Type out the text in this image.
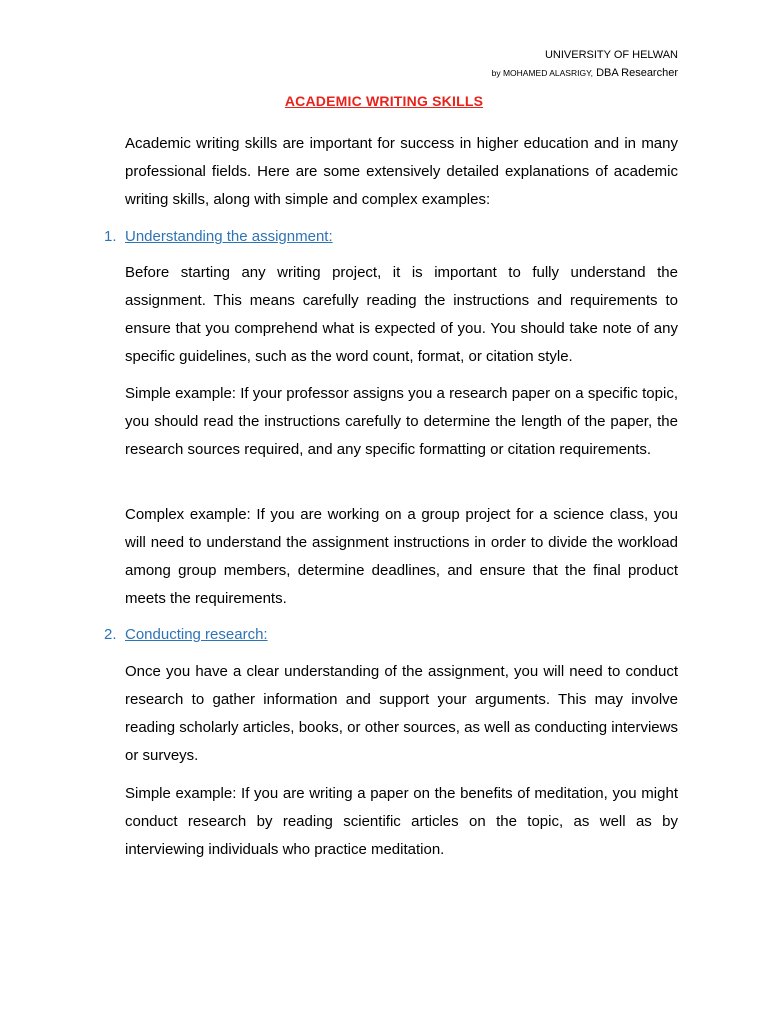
UNIVERSITY OF HELWAN
by MOHAMED ALASRIGY, DBA Researcher
ACADEMIC WRITING SKILLS

Academic writing skills are important for success in higher education and in many professional fields. Here are some extensively detailed explanations of academic writing skills, along with simple and complex examples:

1. Understanding the assignment:

Before starting any writing project, it is important to fully understand the assignment. This means carefully reading the instructions and requirements to ensure that you comprehend what is expected of you. You should take note of any specific guidelines, such as the word count, format, or citation style.

Simple example: If your professor assigns you a research paper on a specific topic, you should read the instructions carefully to determine the length of the paper, the research sources required, and any specific formatting or citation requirements.

Complex example: If you are working on a group project for a science class, you will need to understand the assignment instructions in order to divide the workload among group members, determine deadlines, and ensure that the final product meets the requirements.

2. Conducting research:

Once you have a clear understanding of the assignment, you will need to conduct research to gather information and support your arguments. This may involve reading scholarly articles, books, or other sources, as well as conducting interviews or surveys.

Simple example: If you are writing a paper on the benefits of meditation, you might conduct research by reading scientific articles on the topic, as well as by interviewing individuals who practice meditation.
